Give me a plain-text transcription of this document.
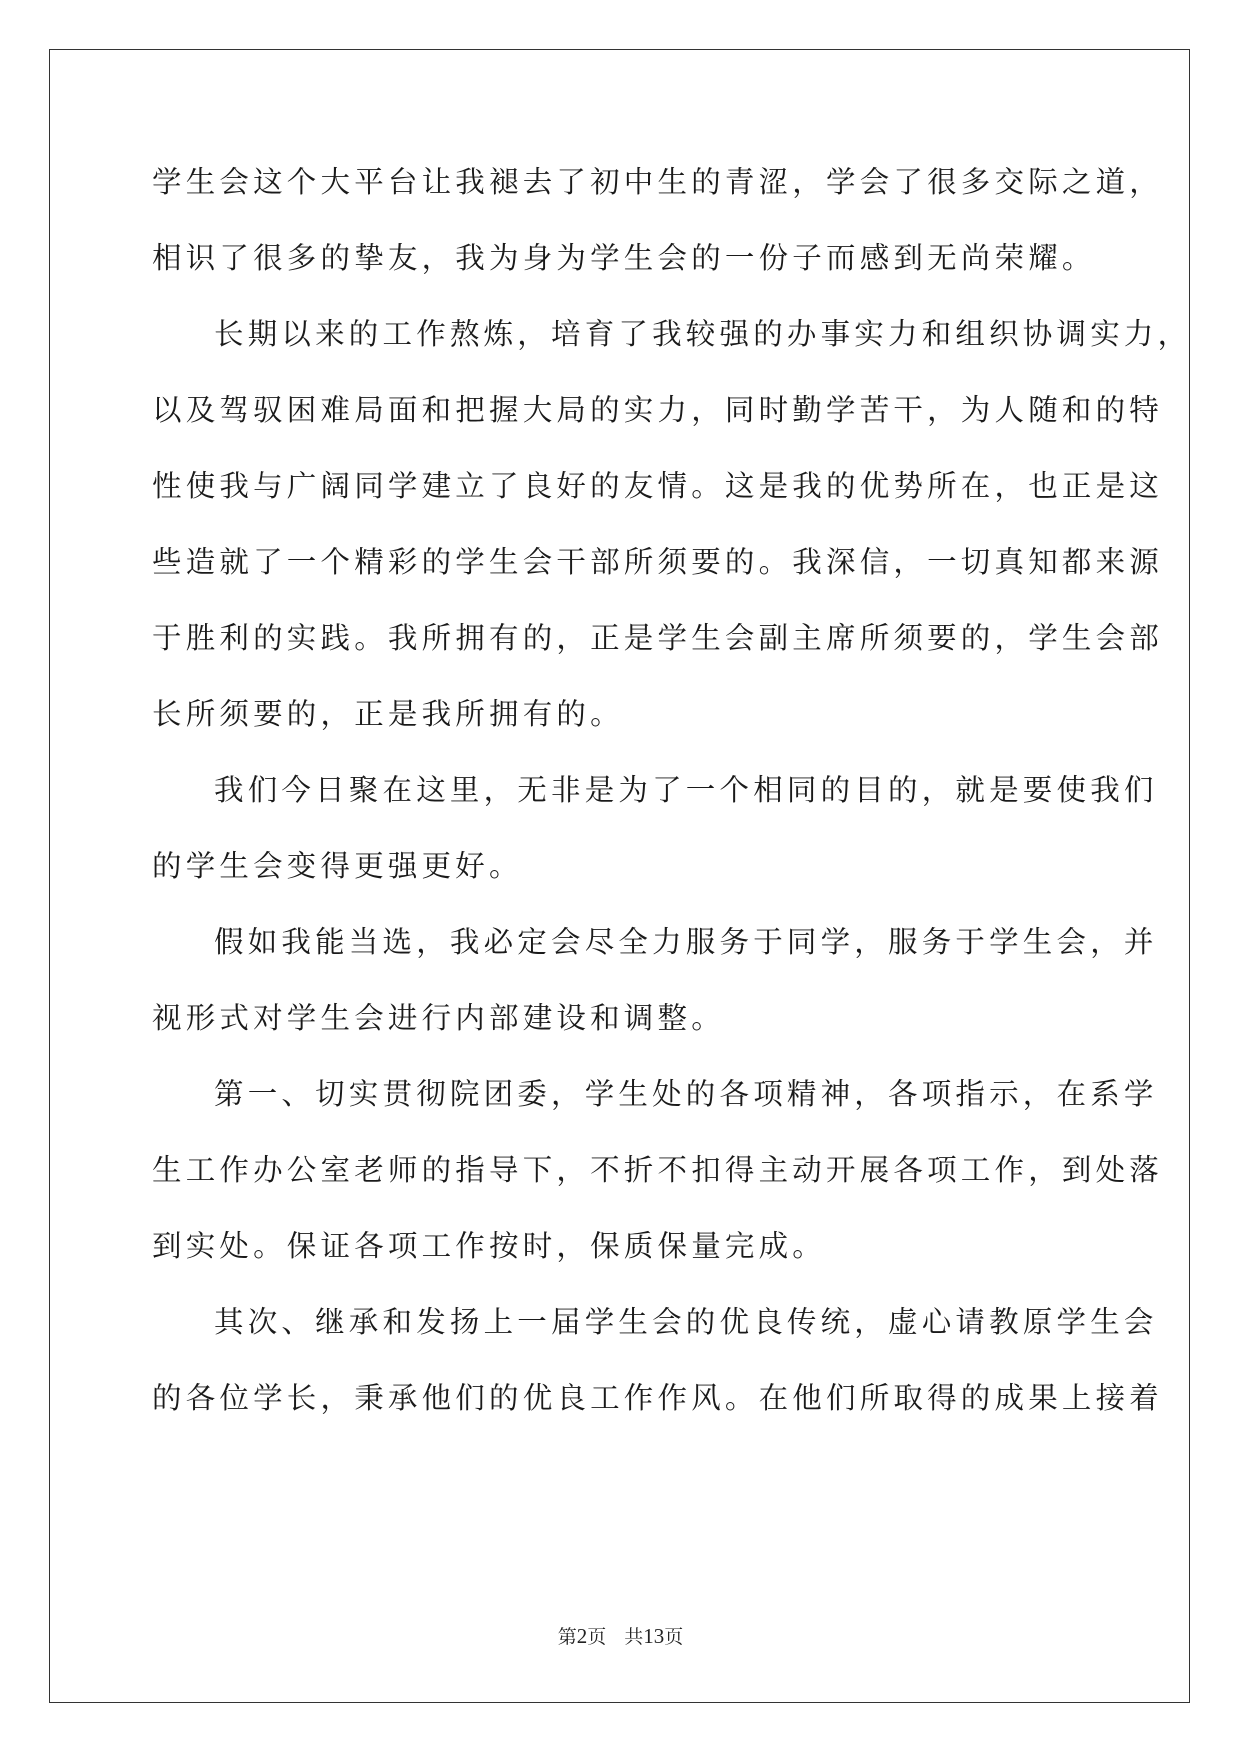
学生会这个大平台让我褪去了初中生的青涩，学会了很多交际之道，
相识了很多的挚友，我为身为学生会的一份子而感到无尚荣耀。
长期以来的工作熬炼，培育了我较强的办事实力和组织协调实力，
以及驾驭困难局面和把握大局的实力，同时勤学苦干，为人随和的特
性使我与广阔同学建立了良好的友情。这是我的优势所在，也正是这
些造就了一个精彩的学生会干部所须要的。我深信，一切真知都来源
于胜利的实践。我所拥有的，正是学生会副主席所须要的，学生会部
长所须要的，正是我所拥有的。
我们今日聚在这里，无非是为了一个相同的目的，就是要使我们
的学生会变得更强更好。
假如我能当选，我必定会尽全力服务于同学，服务于学生会，并
视形式对学生会进行内部建设和调整。
第一、切实贯彻院团委，学生处的各项精神，各项指示，在系学
生工作办公室老师的指导下，不折不扣得主动开展各项工作，到处落
到实处。保证各项工作按时，保质保量完成。
其次、继承和发扬上一届学生会的优良传统，虚心请教原学生会
的各位学长，秉承他们的优良工作作风。在他们所取得的成果上接着
第2页 共13页
